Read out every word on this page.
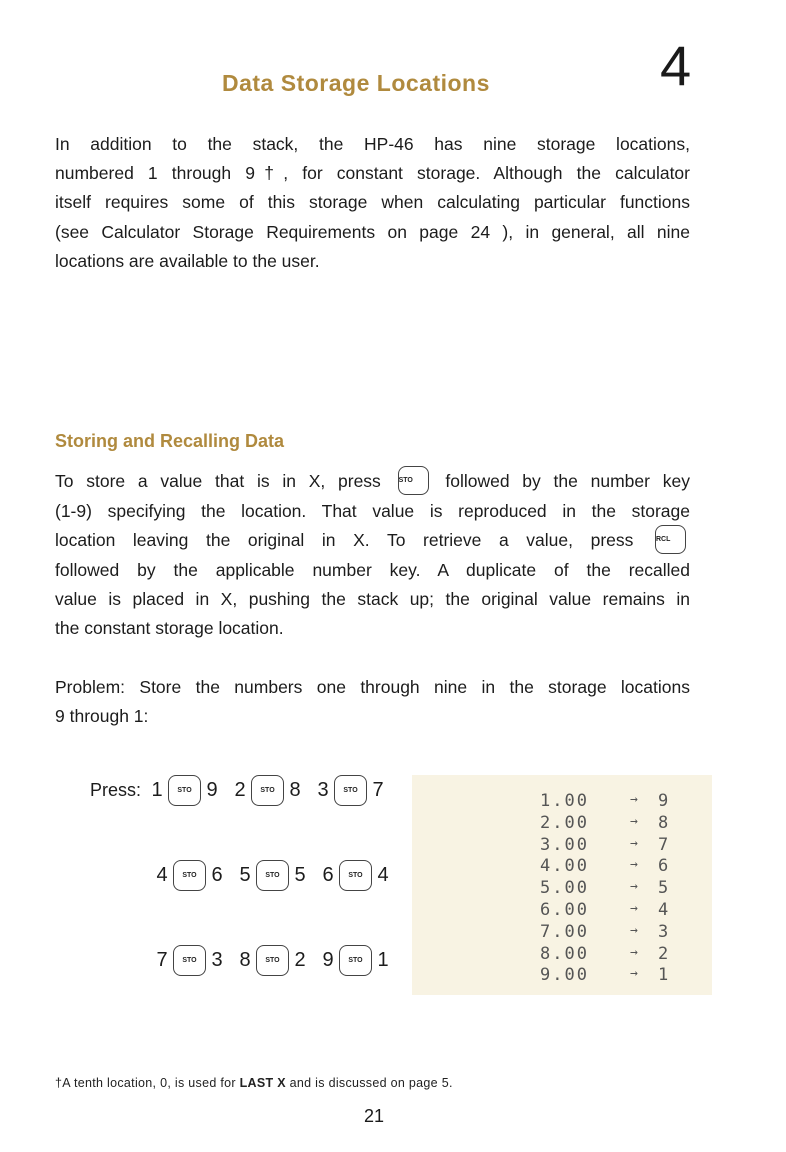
Data Storage Locations	4
In addition to the stack, the HP-46 has nine storage locations,
numbered 1 through 9†, for constant storage. Although the calculator
itself requires some of this storage when calculating particular functions
(see Calculator Storage Requirements on page 24 ), in general, all nine
locations are available to the user.
Storing and Recalling Data
To store a value that is in X, press	STO followed by the number key
(1-9) specifying the location. That value is reproduced in the storage
location leaving the original in X. To retrieve a value, press	RCL
followed by the applicable number key. A duplicate of the recalled
value is placed in X, pushing the stack up; the original value remains in
the constant storage location.
Problem: Store the numbers one through nine in the storage locations
9 through 1:
Press: 1	STO 9 2	STO 8 3	STO 7
4	STO 6 5	STO 5 6	STO 4
7	STO 3 8	STO 2 9	STO 1
1.00	→ 9
2.00	→ 8
3.00	→ 7
4.00	→ 6
5.00	→ 5
6.00	→ 4
7.00	→ 3
8.00	→ 2
9.00	→ 1
†A tenth location, 0, is used for LAST X and is discussed on page 5.
21
